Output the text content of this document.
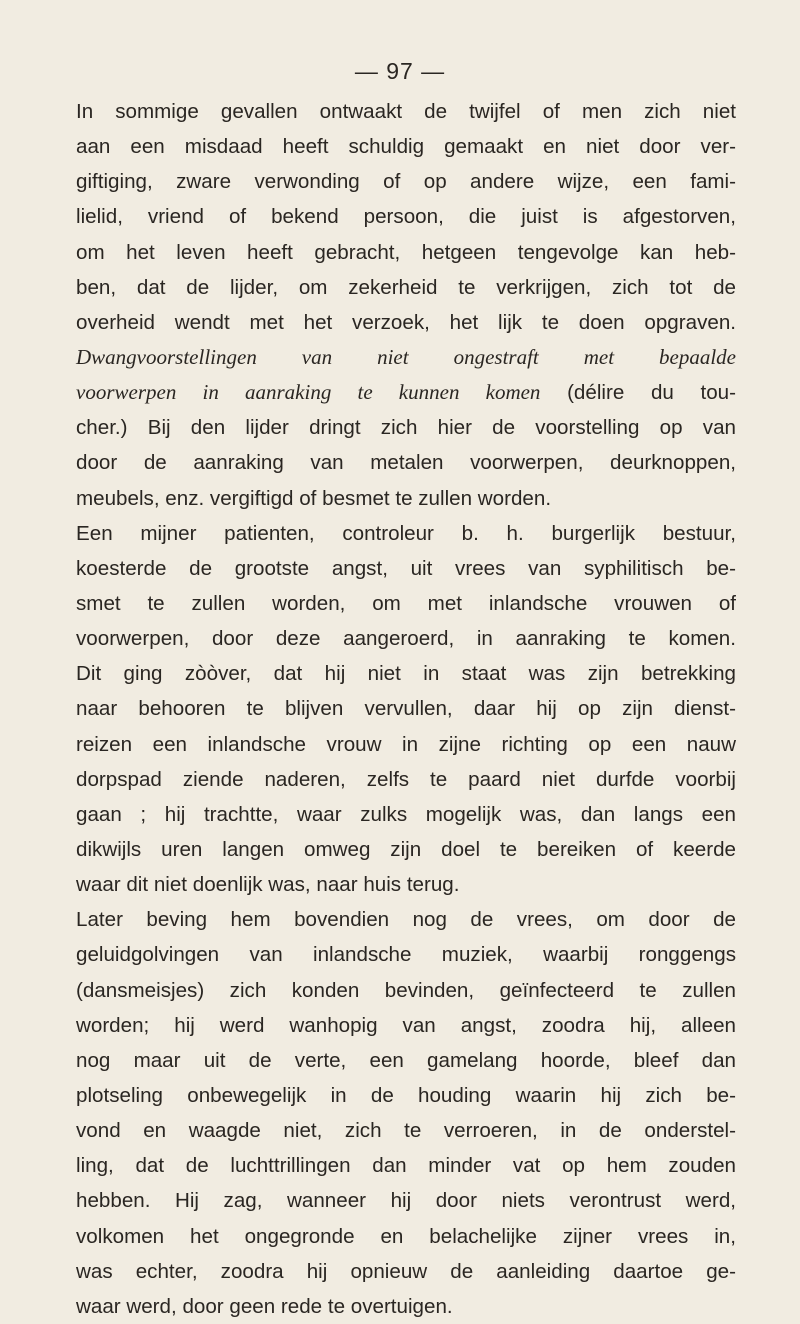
— 97 —
In sommige gevallen ontwaakt de twijfel of men zich niet
aan een misdaad heeft schuldig gemaakt en niet door ver-
giftiging, zware verwonding of op andere wijze, een fami-
lielid, vriend of bekend persoon, die juist is afgestorven,
om het leven heeft gebracht, hetgeen tengevolge kan heb-
ben, dat de lijder, om zekerheid te verkrijgen, zich tot de
overheid wendt met het verzoek, het lijk te doen opgraven.
Dwangvoorstellingen van niet ongestraft met bepaalde
voorwerpen in aanraking te kunnen komen (délire du tou-
cher.) Bij den lijder dringt zich hier de voorstelling op van
door de aanraking van metalen voorwerpen, deurknoppen,
meubels, enz. vergiftigd of besmet te zullen worden.
Een mijner patienten, controleur b. h. burgerlijk bestuur,
koesterde de grootste angst, uit vrees van syphilitisch be-
smet te zullen worden, om met inlandsche vrouwen of
voorwerpen, door deze aangeroerd, in aanraking te komen.
Dit ging zòòver, dat hij niet in staat was zijn betrekking
naar behooren te blijven vervullen, daar hij op zijn dienst-
reizen een inlandsche vrouw in zijne richting op een nauw
dorpspad ziende naderen, zelfs te paard niet durfde voorbij
gaan ; hij trachtte, waar zulks mogelijk was, dan langs een
dikwijls uren langen omweg zijn doel te bereiken of keerde
waar dit niet doenlijk was, naar huis terug.
Later beving hem bovendien nog de vrees, om door de
geluidgolvingen van inlandsche muziek, waarbij ronggengs
(dansmeisjes) zich konden bevinden, geïnfecteerd te zullen
worden; hij werd wanhopig van angst, zoodra hij, alleen
nog maar uit de verte, een gamelang hoorde, bleef dan
plotseling onbewegelijk in de houding waarin hij zich be-
vond en waagde niet, zich te verroeren, in de onderstel-
ling, dat de luchttrillingen dan minder vat op hem zouden
hebben. Hij zag, wanneer hij door niets verontrust werd,
volkomen het ongegronde en belachelijke zijner vrees in,
was echter, zoodra hij opnieuw de aanleiding daartoe ge-
waar werd, door geen rede te overtuigen.
